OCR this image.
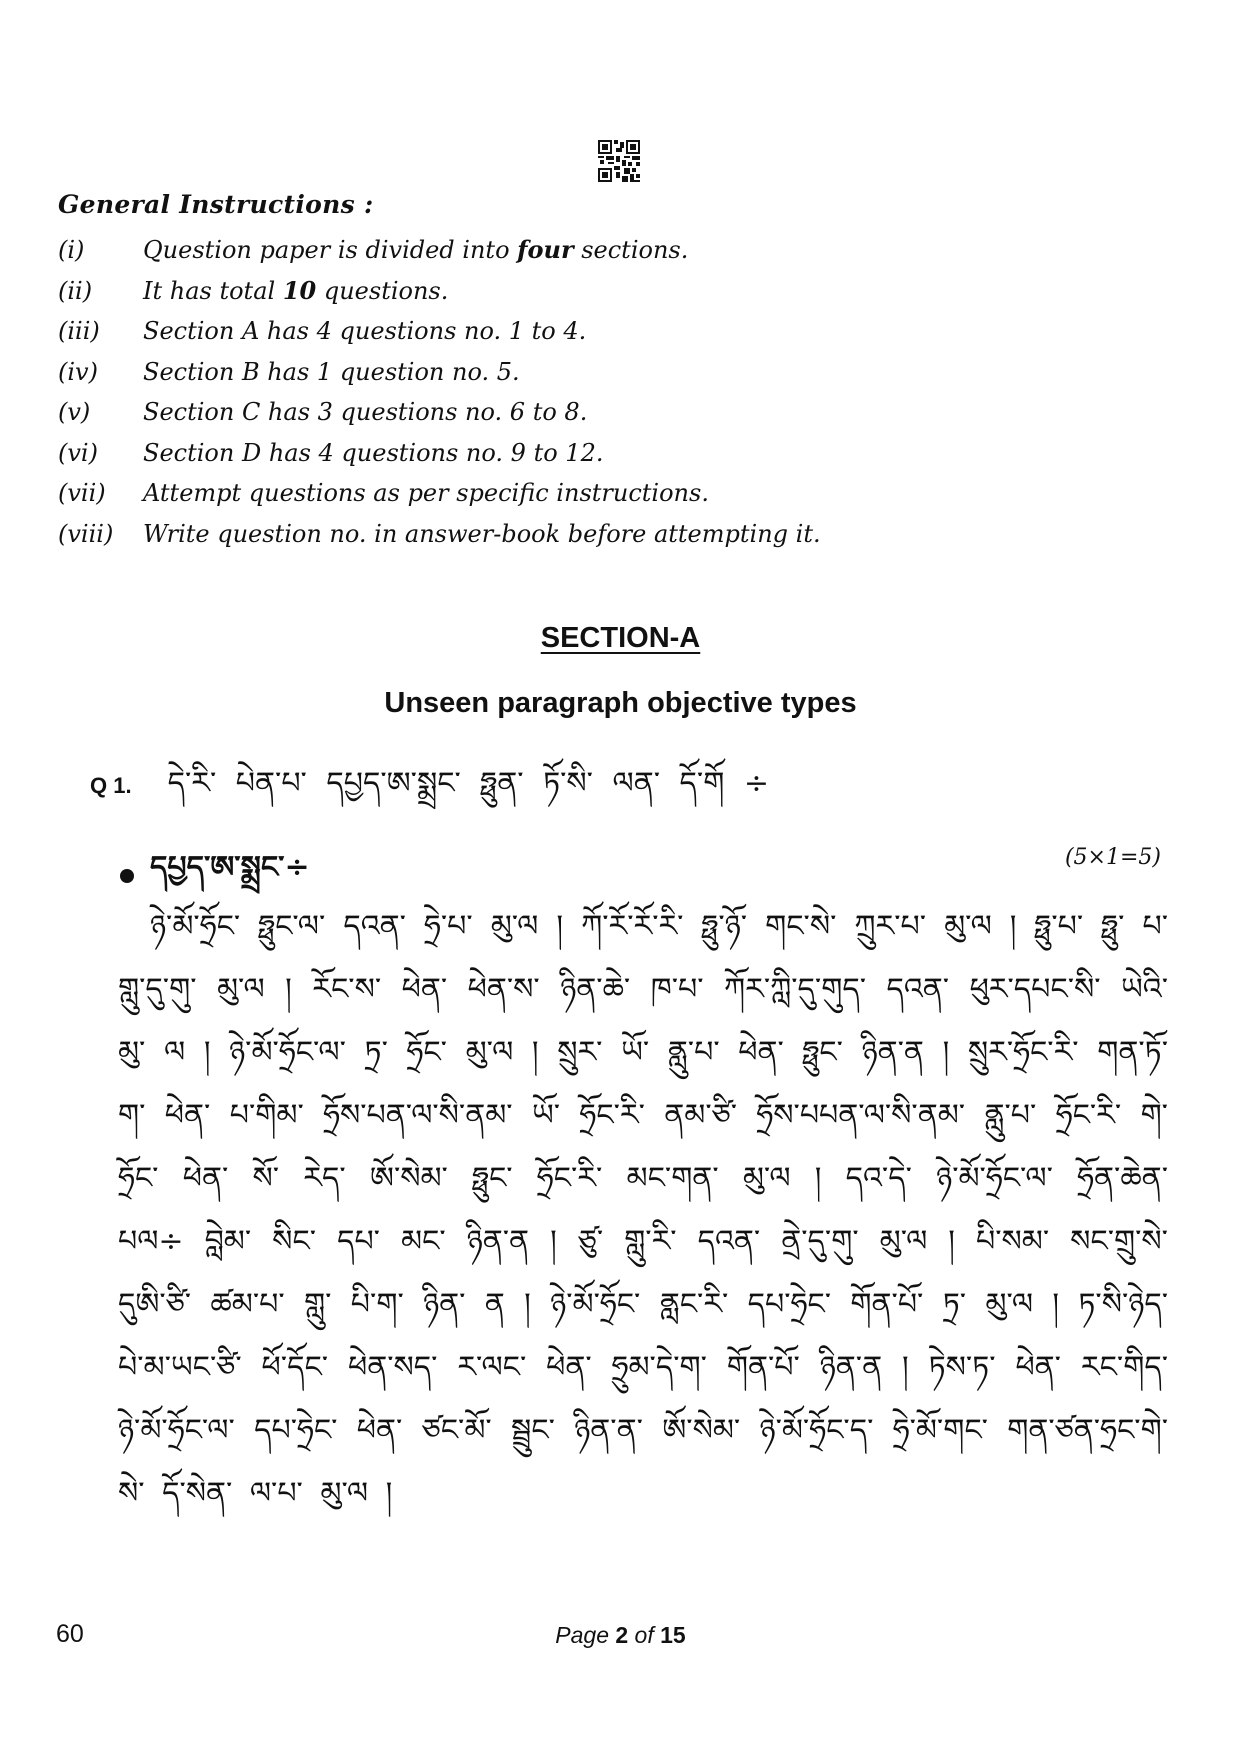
General Instructions :
(i)	Question paper is divided into four sections.
(ii)	It has total 10 questions.
(iii)	Section A has 4 questions no. 1 to 4.
(iv)	Section B has 1 question no. 5.
(v)	Section C has 3 questions no. 6 to 8.
(vi)	Section D has 4 questions no. 9 to 12.
(vii)	Attempt questions as per specific instructions.
(viii)	Write question no. in answer-book before attempting it.
SECTION-A
Unseen paragraph objective types
Q 1. དེ་རི་ པེན་པ་ དཔྱད་ཨ་སྨྲང་ ཧྥུན་ ཏོ་སི་ ལན་ དོ་གོ ÷
དཔྱད་ཨ་སྨྲང་÷	(5×1=5)
ཉེ་མོ་ཧྲོང་ ཧྥུང་ལ་ དའན་ ཧྲེ་པ་ མུ་ལ ། ཀོ་རོ་རོ་རི་ ཧྥུ་ཉོ་ གང་སེ་ ཀྲུར་པ་ མུ་ལ ། ཧྥུ་པ་ ཧྥུ་ པ་ གླུ་དུ་གུ་ མུ་ལ ། རོང་ས་ ཕེན་ ཕེན་ས་ ཉིན་ཆེ་ ཁ་པ་ ཀོར་ཀླི་དུ་གུད་ དའན་ ཕུར་དཔང་སི་ ཡེའི་ མུ་ ལ ། ཉེ་མོ་ཧྲོང་ལ་ ཏྲ་ ཧྲོང་ མུ་ལ ། སྲུར་ ཡོ་ ནླུ་པ་ ཕེན་ ཧྥུང་ ཉིན་ན ། སྲུར་ཧྲོང་རི་ གན་ཏོ་ག་ ཕེན་ པ་གིམ་ ཧྲོས་པན་ལ་སི་ནམ་ ཡོ་ ཧྲོང་རི་ ནམ་ཙི་ ཧྲོས་པཔན་ལ་སི་ནམ་ ནླུ་པ་ ཧྲོང་རི་ གེ་ཧྲོང་ ཕེན་ སོ་ རེད་ ཨོ་སེམ་ ཧྥུང་ ཧྲོང་རི་ མང་གན་ མུ་ལ ། དའ་དེ་ ཉེ་མོ་ཧྲོང་ལ་ ཧྲོན་ཆེན་ པལ÷ བླེམ་ སིང་ དཔ་ མང་ ཉིན་ན ། ཙུ་ གླུ་རི་ དའན་ ནྲེ་དུ་གུ་ མུ་ལ ། པི་སམ་ སང་གྲུ་སེ་ དུཨི་ཙི་ ཚམ་པ་ གླུ་ པི་ག་ ཉིན་ ན ། ཉེ་མོ་ཧྲོང་ ནླང་རི་ དཔ་ཧྲེང་ གོན་པོ་ ཏྲ་ མུ་ལ ། ཏ་སི་ཉེད་ པེ་མ་ཡང་ཙི་ ཕོ་དོང་ ཕེན་སད་ ར་ལང་ ཕེན་ ཧྲུམ་དེ་ག་ གོན་པོ་ ཉིན་ན ། ཏེས་ཏ་ ཕེན་ རང་གིད་ ཉེ་མོ་ཧྲོང་ལ་ དཔ་ཧྲེང་ ཕེན་ ཙང་མོ་ སྦྲུང་ ཉིན་ན་ ཨོ་སེམ་ ཉེ་མོ་ཧྲོང་ད་ ཧྲེ་མོ་གང་ གན་ཙན་ཧྲང་གེ་སེ་ དོ་སེན་ ལ་པ་ མུ་ལ །
60	Page 2 of 15
